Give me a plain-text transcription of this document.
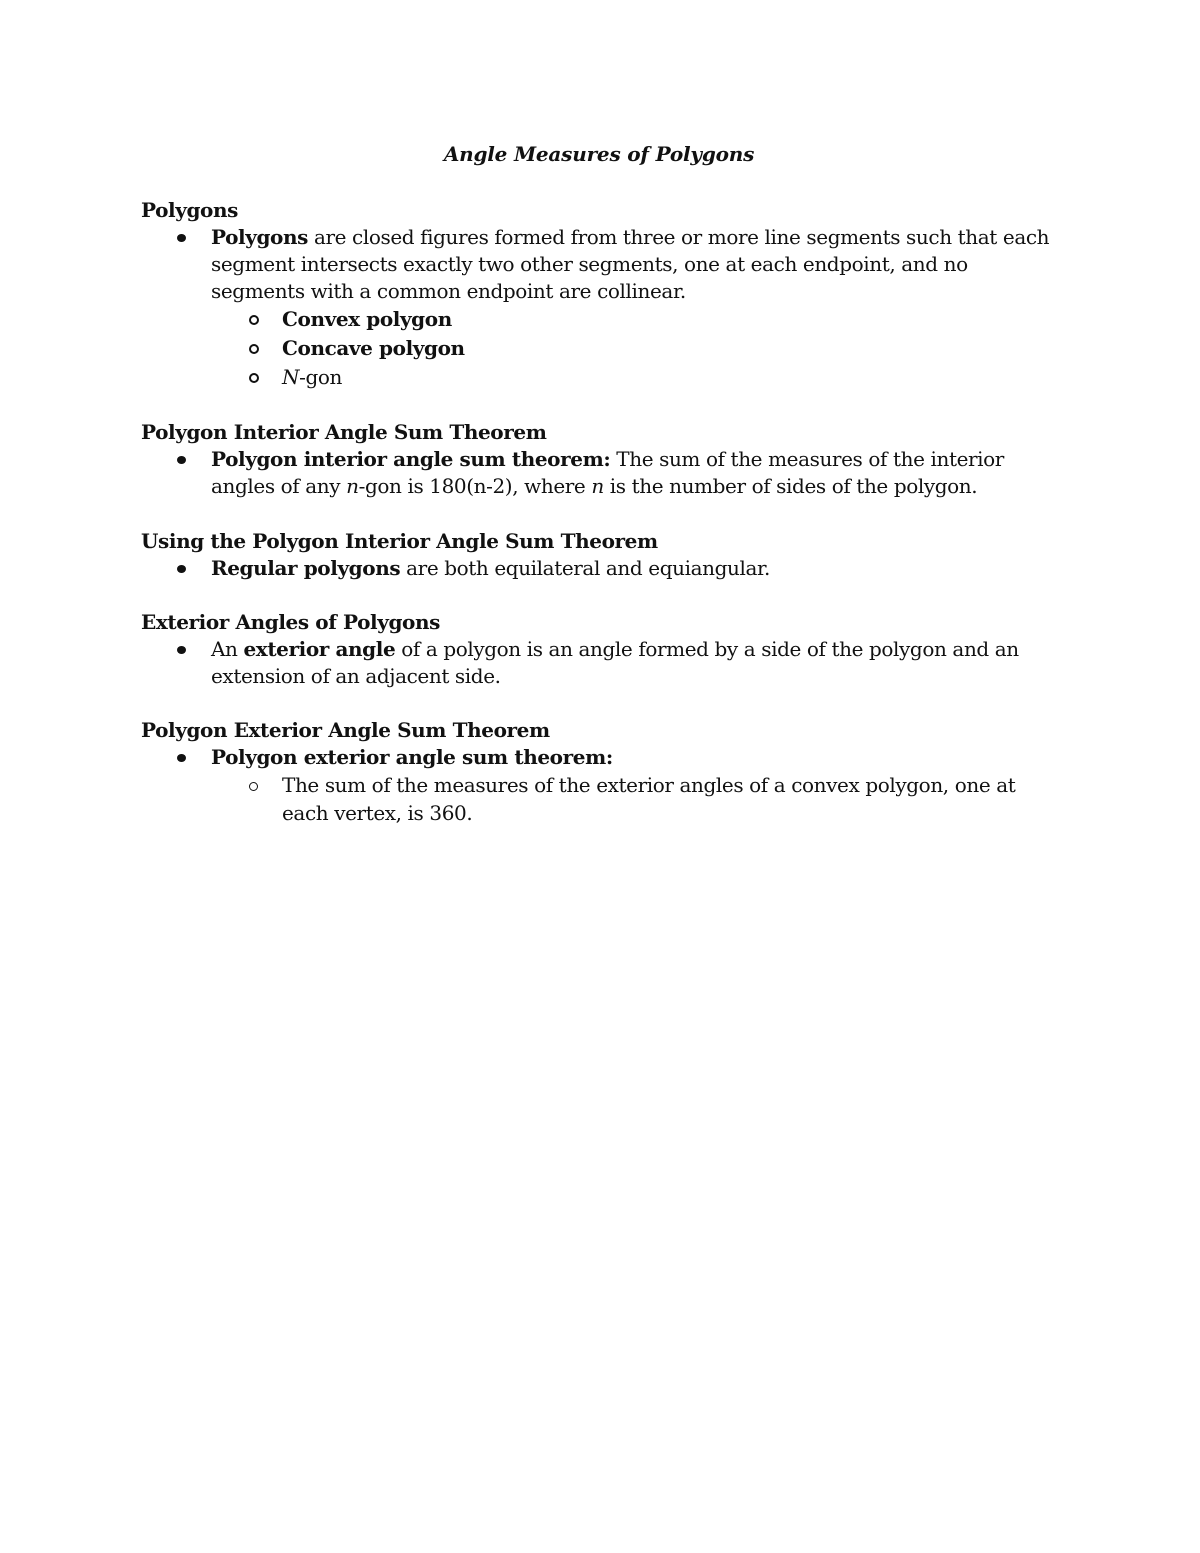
Angle Measures of Polygons
Polygons
Polygons are closed figures formed from three or more line segments such that each segment intersects exactly two other segments, one at each endpoint, and no segments with a common endpoint are collinear.
Convex polygon
Concave polygon
N-gon
Polygon Interior Angle Sum Theorem
Polygon interior angle sum theorem: The sum of the measures of the interior angles of any n-gon is 180(n-2), where n is the number of sides of the polygon.
Using the Polygon Interior Angle Sum Theorem
Regular polygons are both equilateral and equiangular.
Exterior Angles of Polygons
An exterior angle of a polygon is an angle formed by a side of the polygon and an extension of an adjacent side.
Polygon Exterior Angle Sum Theorem
Polygon exterior angle sum theorem:
The sum of the measures of the exterior angles of a convex polygon, one at each vertex, is 360.
